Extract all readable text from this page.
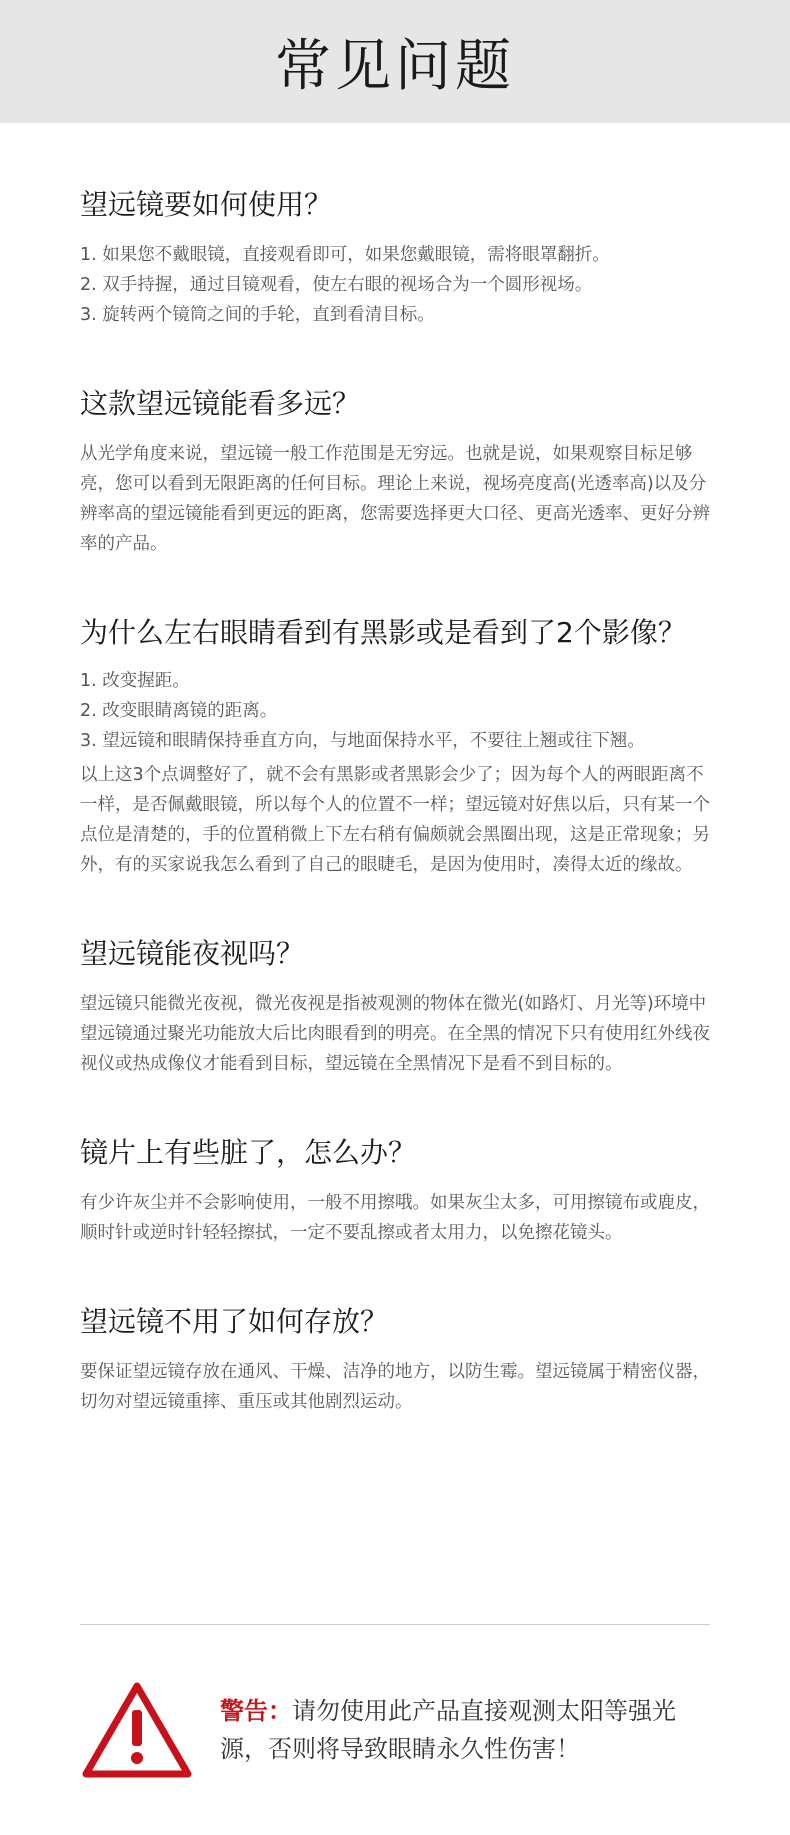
常见问题
望远镜要如何使用？
1. 如果您不戴眼镜，直接观看即可，如果您戴眼镜，需将眼罩翻折。
2. 双手持握，通过目镜观看，使左右眼的视场合为一个圆形视场。
3. 旋转两个镜筒之间的手轮，直到看清目标。
这款望远镜能看多远？

从光学角度来说，望远镜一般工作范围是无穷远。也就是说，如果观察目标足够亮，您可以看到无限距离的任何目标。理论上来说，视场亮度高(光透率高)以及分辨率高的望远镜能看到更远的距离，您需要选择更大口径、更高光透率、更好分辨率的产品。

为什么左右眼睛看到有黑影或是看到了2个影像？
1. 改变握距。
2. 改变眼睛离镜的距离。
3. 望远镜和眼睛保持垂直方向，与地面保持水平，不要往上翘或往下翘。

以上这3个点调整好了，就不会有黑影或者黑影会少了；因为每个人的两眼距离不一样，是否佩戴眼镜，所以每个人的位置不一样；望远镜对好焦以后，只有某一个点位是清楚的，手的位置稍微上下左右稍有偏颇就会黑圈出现，这是正常现象；另外，有的买家说我怎么看到了自己的眼睫毛，是因为使用时，凑得太近的缘故。

望远镜能夜视吗？

望远镜只能微光夜视，微光夜视是指被观测的物体在微光(如路灯、月光等)环境中望远镜通过聚光功能放大后比肉眼看到的明亮。在全黑的情况下只有使用红外线夜视仪或热成像仪才能看到目标，望远镜在全黑情况下是看不到目标的。

镜片上有些脏了，怎么办？

有少许灰尘并不会影响使用，一般不用擦哦。如果灰尘太多，可用擦镜布或鹿皮，顺时针或逆时针轻轻擦拭，一定不要乱擦或者太用力，以免擦花镜头。

望远镜不用了如何存放？

要保证望远镜存放在通风、干燥、洁净的地方，以防生霉。望远镜属于精密仪器，切勿对望远镜重摔、重压或其他剧烈运动。

警告：请勿使用此产品直接观测太阳等强光源，否则将导致眼睛永久性伤害！
